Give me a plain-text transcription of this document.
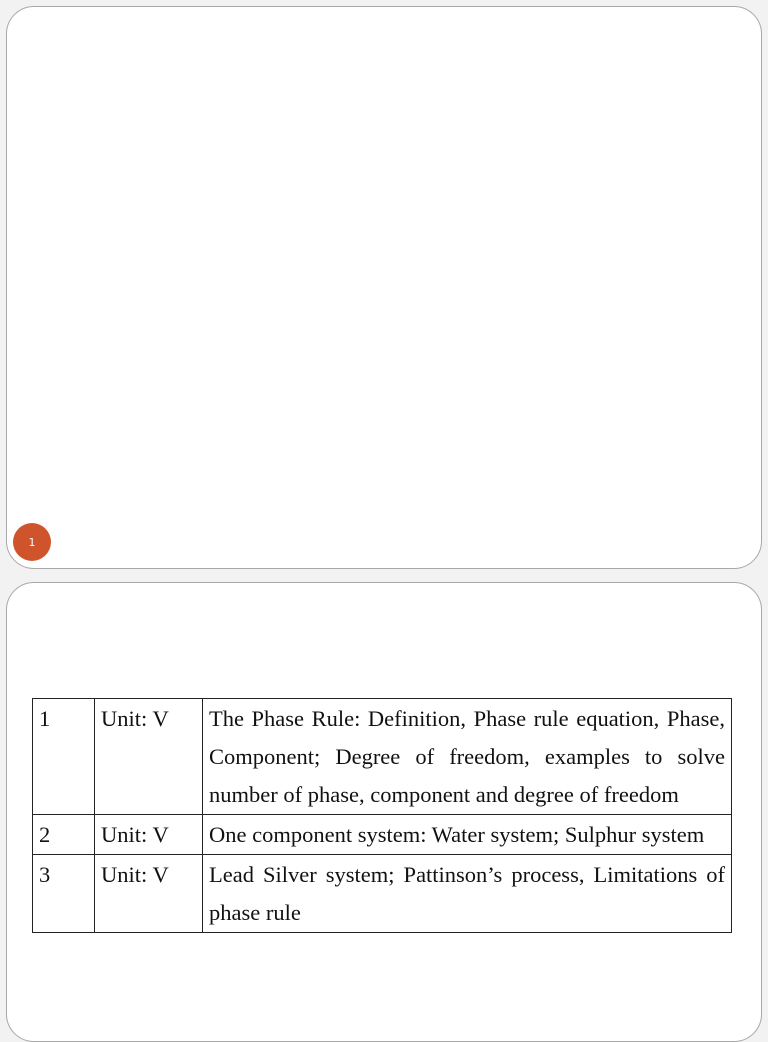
1
1	Unit: V	The Phase Rule: Definition, Phase rule equation, Phase, Component; Degree of freedom, examples to solve number of phase, component and degree of freedom
2	Unit: V	One component system: Water system; Sulphur system
3	Unit: V	Lead Silver system; Pattinson’s process, Limitations of phase rule
